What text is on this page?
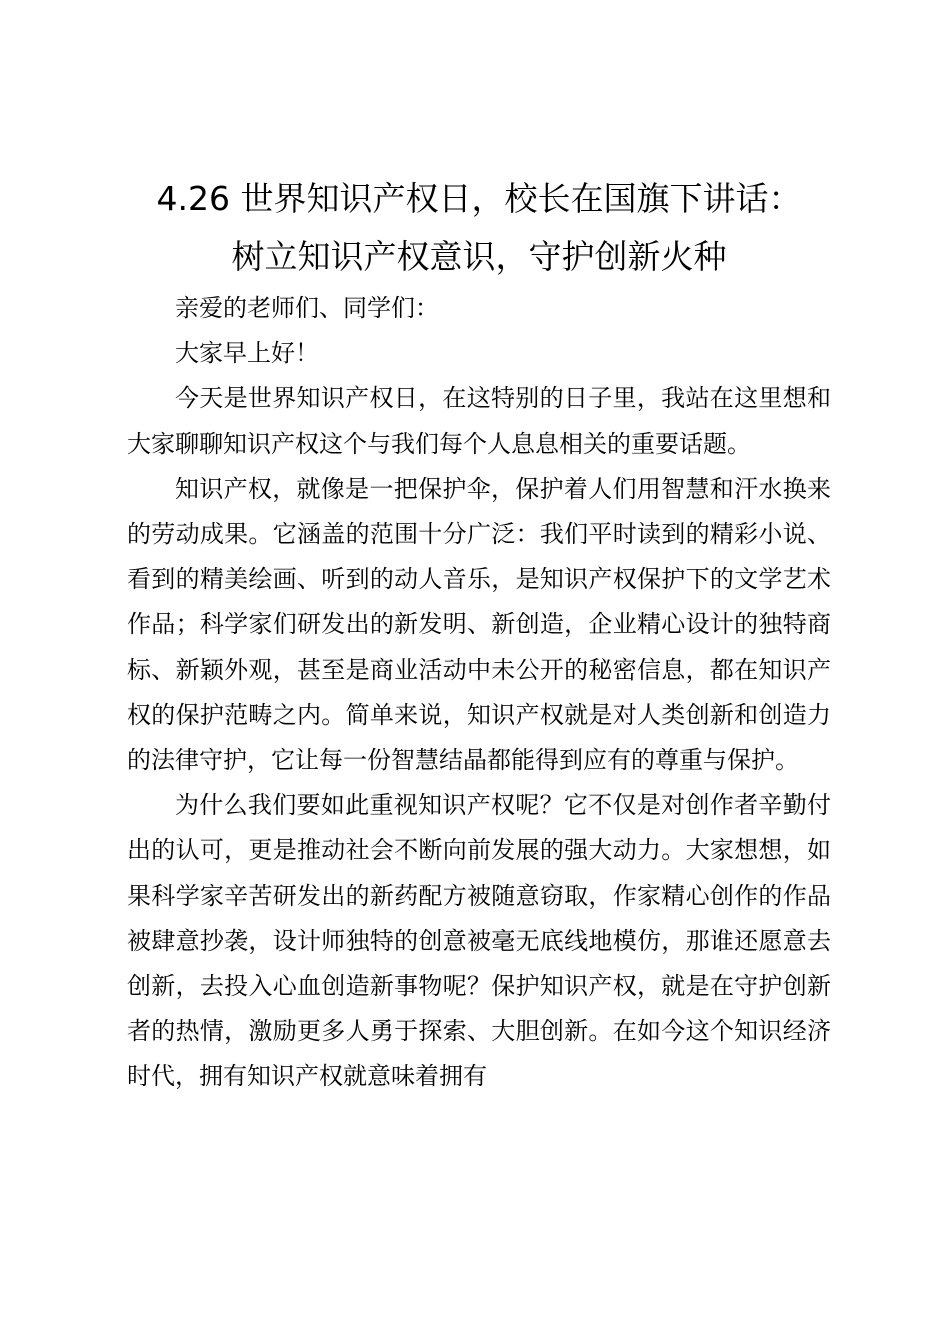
4.26 世界知识产权日，校长在国旗下讲话：
树立知识产权意识，守护创新火种

亲爱的老师们、同学们：

大家早上好！

今天是世界知识产权日，在这特别的日子里，我站在这里想和大家聊聊知识产权这个与我们每个人息息相关的重要话题。

知识产权，就像是一把保护伞，保护着人们用智慧和汗水换来的劳动成果。它涵盖的范围十分广泛：我们平时读到的精彩小说、看到的精美绘画、听到的动人音乐，是知识产权保护下的文学艺术作品；科学家们研发出的新发明、新创造，企业精心设计的独特商标、新颖外观，甚至是商业活动中未公开的秘密信息，都在知识产权的保护范畴之内。简单来说，知识产权就是对人类创新和创造力的法律守护，它让每一份智慧结晶都能得到应有的尊重与保护。

为什么我们要如此重视知识产权呢？它不仅是对创作者辛勤付出的认可，更是推动社会不断向前发展的强大动力。大家想想，如果科学家辛苦研发出的新药配方被随意窃取，作家精心创作的作品被肆意抄袭，设计师独特的创意被毫无底线地模仿，那谁还愿意去创新，去投入心血创造新事物呢？保护知识产权，就是在守护创新者的热情，激励更多人勇于探索、大胆创新。在如今这个知识经济时代，拥有知识产权就意味着拥有
